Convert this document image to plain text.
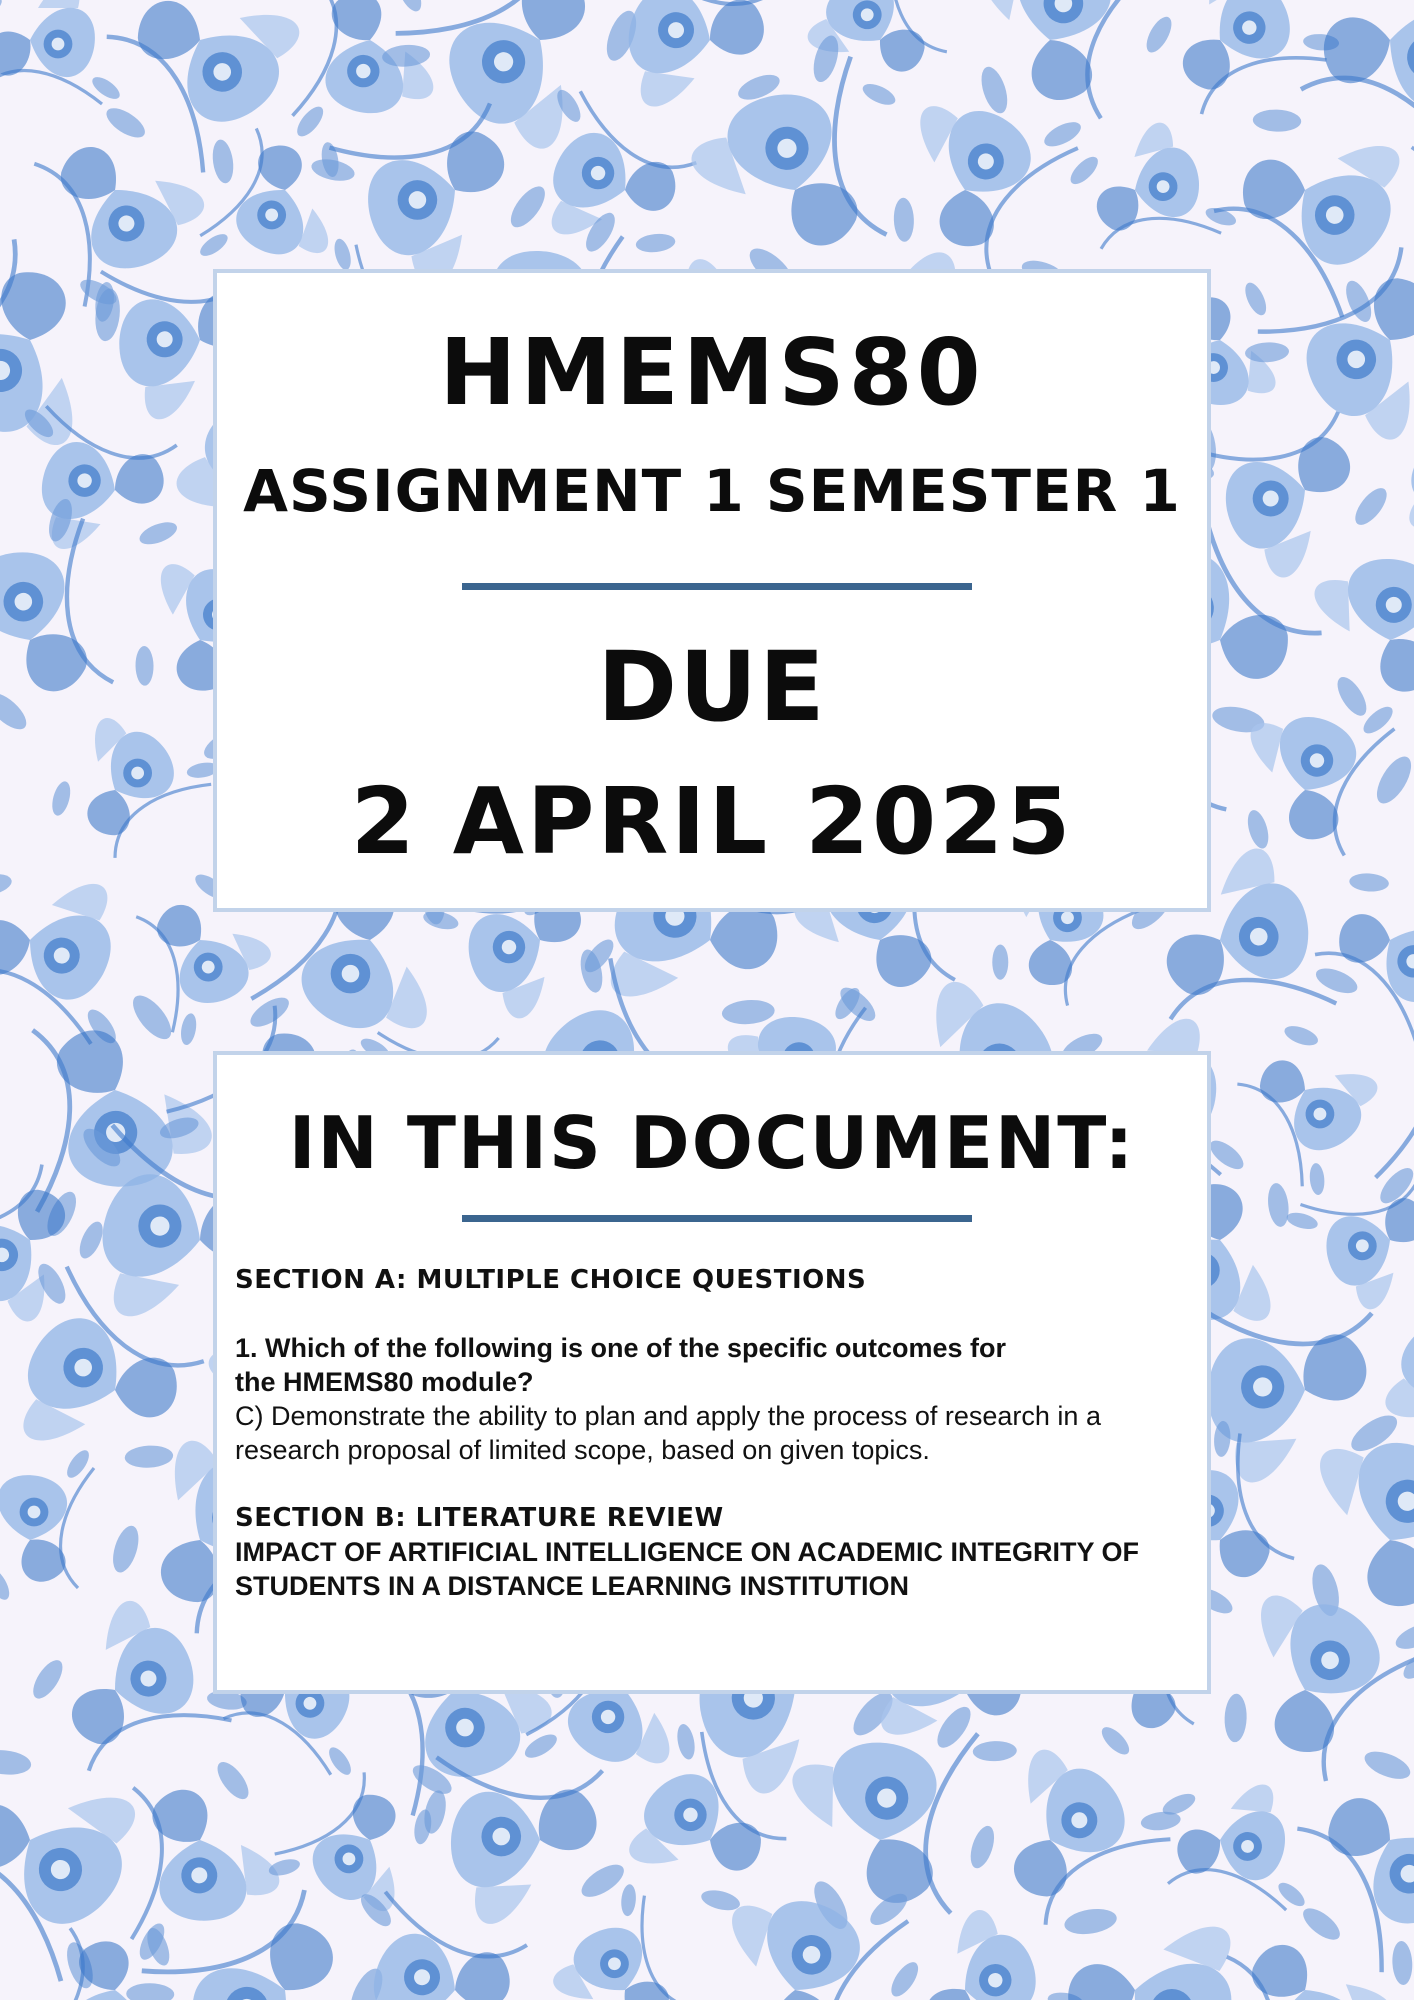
HMEMS80
ASSIGNMENT 1 SEMESTER 1
DUE
2 APRIL 2025
IN THIS DOCUMENT:

SECTION A: MULTIPLE CHOICE QUESTIONS

1. Which of the following is one of the specific outcomes for

the HMEMS80 module?

C) Demonstrate the ability to plan and apply the process of research in a

research proposal of limited scope, based on given topics.

SECTION B: LITERATURE REVIEW

IMPACT OF ARTIFICIAL INTELLIGENCE ON ACADEMIC INTEGRITY OF

STUDENTS IN A DISTANCE LEARNING INSTITUTION
